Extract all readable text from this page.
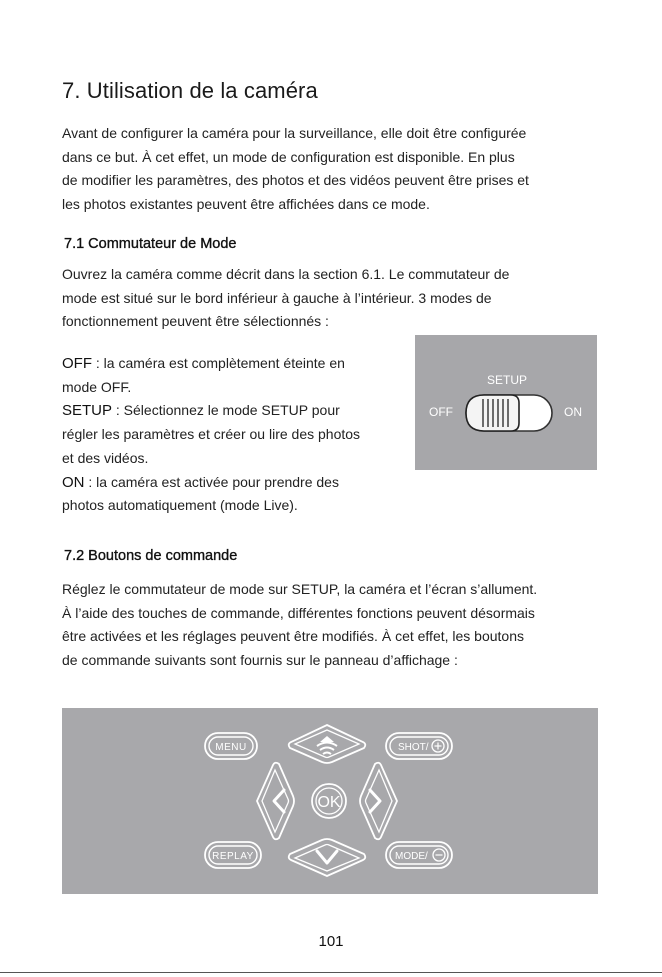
7. Utilisation de la caméra

Avant de configurer la caméra pour la surveillance, elle doit être configurée
dans ce but. À cet effet, un mode de configuration est disponible. En plus
de modifier les paramètres, des photos et des vidéos peuvent être prises et
les photos existantes peuvent être affichées dans ce mode.

7.1 Commutateur de Mode

Ouvrez la caméra comme décrit dans la section 6.1. Le commutateur de
mode est situé sur le bord inférieur à gauche à l’intérieur. 3 modes de
fonctionnement peuvent être sélectionnés :

OFF : la caméra est complètement éteinte en
mode OFF.
SETUP : Sélectionnez le mode SETUP pour
régler les paramètres et créer ou lire des photos
et des vidéos.
ON : la caméra est activée pour prendre des
photos automatiquement (mode Live).
SETUP
OFF	ON
7.2 Boutons de commande

Réglez le commutateur de mode sur SETUP, la caméra et l’écran s’allument.
À l’aide des touches de commande, différentes fonctions peuvent désormais
être activées et les réglages peuvent être modifiés. À cet effet, les boutons
de commande suivants sont fournis sur le panneau d’affichage :

MENU	SHOT/
REPLAY	MODE/
OK
101
